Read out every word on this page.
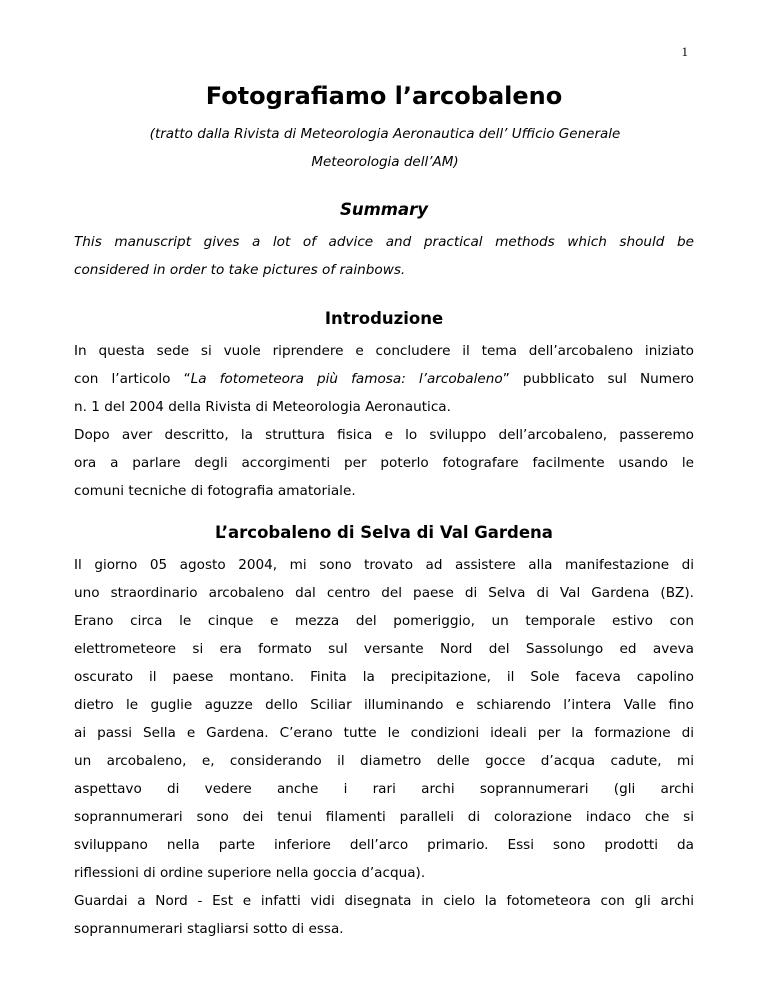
1
Fotografiamo l’arcobaleno
(tratto dalla Rivista di Meteorologia Aeronautica dell’ Ufficio Generale
Meteorologia dell’AM)
Summary
This manuscript gives a lot of advice and practical methods which should be
considered in order to take pictures of rainbows.
Introduzione
In questa sede si vuole riprendere e concludere il tema dell’arcobaleno iniziato
con l’articolo “La fotometeora più famosa: l’arcobaleno” pubblicato sul Numero
n. 1 del 2004 della Rivista di Meteorologia Aeronautica.
Dopo aver descritto, la struttura fisica e lo sviluppo dell’arcobaleno, passeremo
ora a parlare degli accorgimenti per poterlo fotografare facilmente usando le
comuni tecniche di fotografia amatoriale.
L’arcobaleno di Selva di Val Gardena
Il giorno 05 agosto 2004, mi sono trovato ad assistere alla manifestazione di
uno straordinario arcobaleno dal centro del paese di Selva di Val Gardena (BZ).
Erano circa le cinque e mezza del pomeriggio, un temporale estivo con
elettrometeore si era formato sul versante Nord del Sassolungo ed aveva
oscurato il paese montano. Finita la precipitazione, il Sole faceva capolino
dietro le guglie aguzze dello Sciliar illuminando e schiarendo l’intera Valle fino
ai passi Sella e Gardena. C’erano tutte le condizioni ideali per la formazione di
un arcobaleno, e, considerando il diametro delle gocce d’acqua cadute, mi
aspettavo di vedere anche i rari archi soprannumerari (gli archi
soprannumerari sono dei tenui filamenti paralleli di colorazione indaco che si
sviluppano nella parte inferiore dell’arco primario. Essi sono prodotti da
riflessioni di ordine superiore nella goccia d’acqua).
Guardai a Nord - Est e infatti vidi disegnata in cielo la fotometeora con gli archi
soprannumerari stagliarsi sotto di essa.
